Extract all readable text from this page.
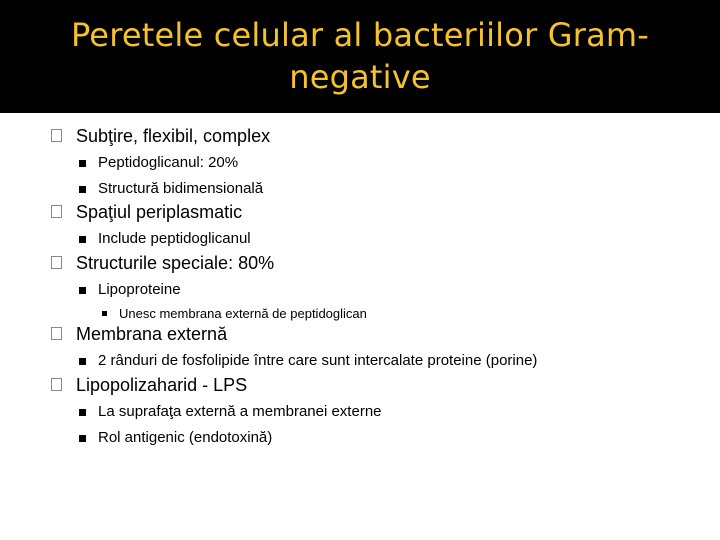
Peretele celular al bacteriilor Gram-negative
Subţire, flexibil, complex
Peptidoglicanul: 20%
Structură bidimensională
Spaţiul periplasmatic
Include peptidoglicanul
Structurile speciale: 80%
Lipoproteine
Unesc membrana externă de peptidoglican
Membrana externă
2 rânduri de fosfolipide între care sunt intercalate proteine (porine)
Lipopolizaharid - LPS
La suprafaţa externă a membranei externe
Rol antigenic (endotoxină)
